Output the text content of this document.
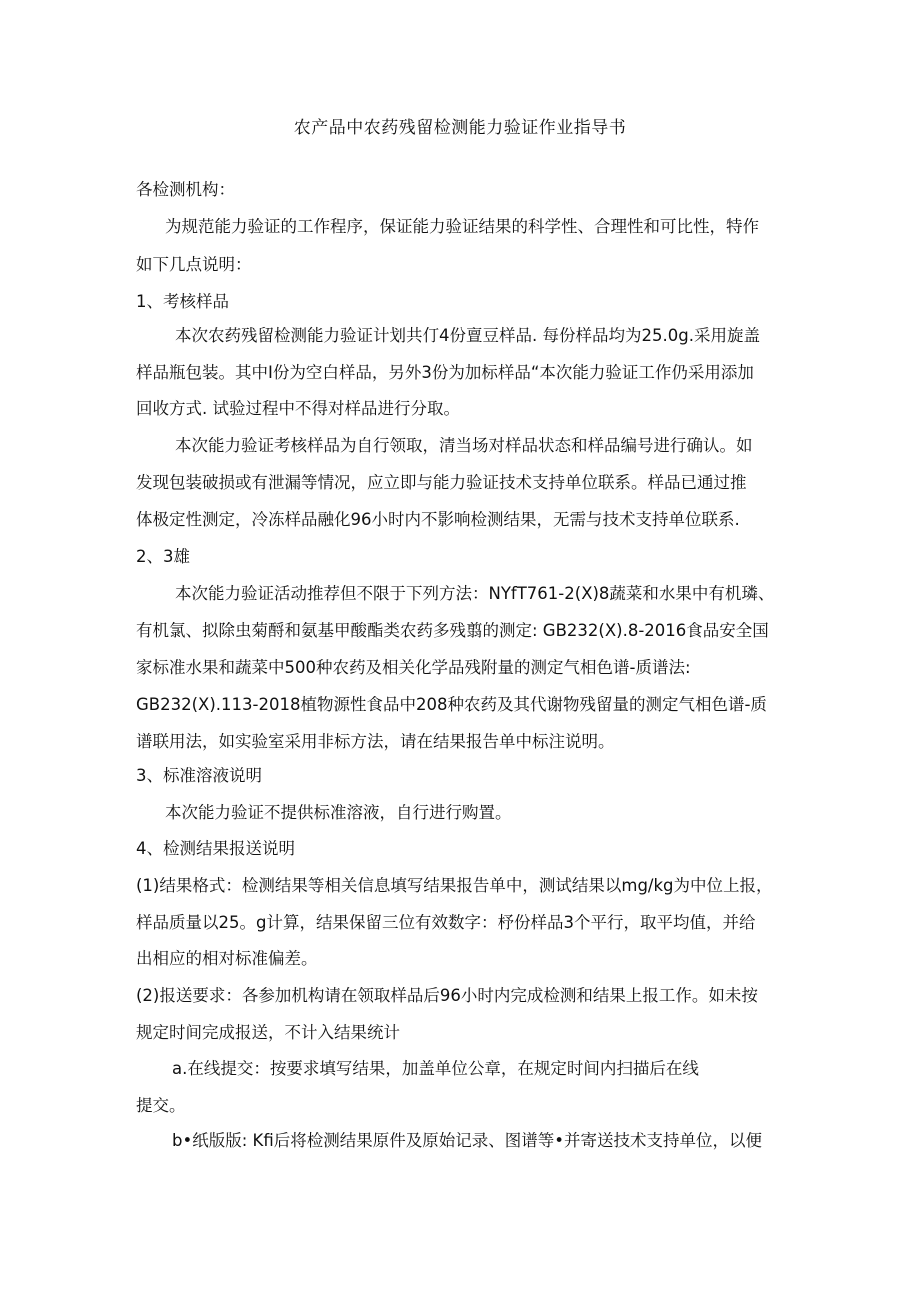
农产品中农药残留检测能力验证作业指导书
各检测机构：
为规范能力验证的工作程序，保证能力验证结果的科学性、合理性和可比性，特作
如下几点说明：
1、考核样品
本次农药残留检测能力验证计划共仃4份亶豆样品. 每份样品均为25.0g.采用旋盖
样品瓶包装。其中I份为空白样品，另外3份为加标样品“本次能力验证工作仍采用添加
回收方式. 试验过程中不得对样品进行分取。
本次能力验证考核样品为自行领取，清当场对样品状态和样品编号进行确认。如
发现包装破损或有泄漏等情况，应立即与能力验证技术支持单位联系。样品已通过推
体极定性测定，冷冻样品融化96小时内不影响检测结果，无需与技术支持单位联系.
2、3雄
本次能力验证活动推荐但不限于下列方法：NYfT761-2(X)8蔬菜和水果中有机璘、
有机氯、拟除虫菊酹和氨基甲酸酯类农药多残翦的测定: GB232(X).8-2016食品安全国
家标准水果和蔬菜中500种农药及相关化学品残附量的测定气相色谱-质谱法:
GB232(X).113-2018植物源性食品中208种农药及其代谢物残留量的测定气相色谱-质
谱联用法，如实验室采用非标方法，请在结果报告单中标注说明。
3、标准溶液说明
本次能力验证不提供标准溶液，自行进行购置。
4、检测结果报送说明
(1)结果格式：检测结果等相关信息填写结果报告单中，测试结果以mg/kg为中位上报，
样品质量以25。g计算，结果保留三位有效数字：杼份样品3个平行，取平均值，并给
出相应的相对标准偏差。
(2)报送要求：各参加机构请在领取样品后96小时内完成检测和结果上报工作。如未按
规定时间完成报送，不计入结果统计
a.在线提交：按要求填写结果，加盖单位公章，在规定时间内扫描后在线
提交。
b•纸版版: Kfi后将检测结果原件及原始记录、图谱等•并寄送技术支持单位，以便
